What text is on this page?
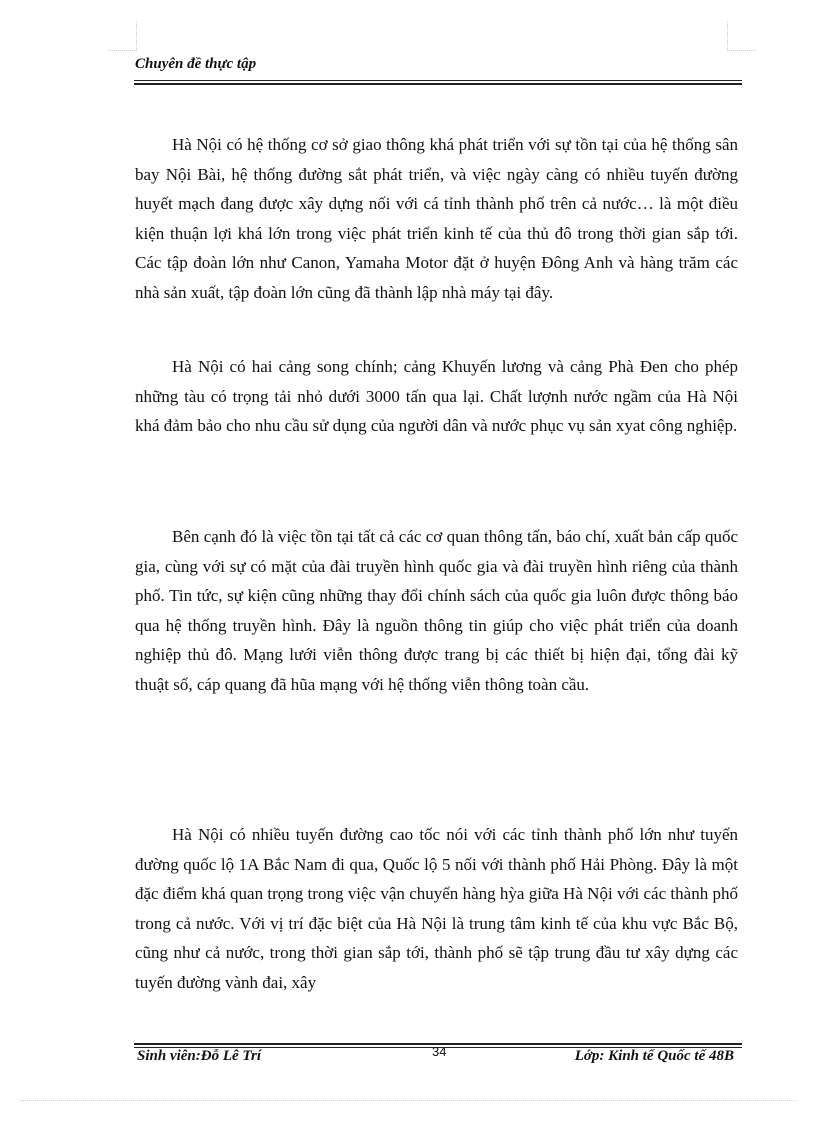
Chuyên đề thực tập

Hà Nội có hệ thống cơ sở giao thông khá phát triển với sự tồn tại của hệ thống sân bay Nội Bài, hệ thống đường sắt phát triển, và việc ngày càng có nhiều tuyến đường huyết mạch đang được xây dựng nối với cá tỉnh thành phố trên cả nước… là một điều kiện thuận lợi khá lớn trong việc phát triển kinh tế của thủ đô trong thời gian sắp tới. Các tập đoàn lớn như Canon, Yamaha Motor đặt ở huyện Đông Anh và hàng trăm các nhà sản xuất, tập đoàn lớn cũng đã thành lập nhà máy tại đây.

Hà Nội có hai cảng song chính; cảng Khuyến lương và cảng Phà Đen cho phép những tàu có trọng tải nhỏ dưới 3000 tấn qua lại. Chất lượnh nước ngầm của Hà Nội khá đảm bảo cho nhu cầu sử dụng của người dân và nước phục vụ sản xyat công nghiệp.

Bên cạnh đó là việc tồn tại tất cả các cơ quan thông tấn, báo chí, xuất bản cấp quốc gia, cùng với sự có mặt của đài truyền hình quốc gia và đài truyền hình riêng của thành phố. Tin tức, sự kiện cũng những thay đổi chính sách của quốc gia luôn được thông báo qua hệ thống truyền hình. Đây là nguồn thông tin giúp cho việc phát triển của doanh nghiệp thủ đô. Mạng lưới viễn thông được trang bị các thiết bị hiện đại, tổng đài kỹ thuật số, cáp quang đã hũa mạng với hệ thống viễn thông toàn cầu.

Hà Nội có nhiều tuyến đường cao tốc nói với các tỉnh thành phố lớn như tuyến đường quốc lộ 1A Bắc Nam đi qua, Quốc lộ 5 nối với thành phố Hải Phòng. Đây là một đặc điểm khá quan trọng trong việc vận chuyển hàng hỳa giữa Hà Nội với các thành phố trong cả nước. Với vị trí đặc biệt của Hà Nội là trung tâm kinh tế của khu vực Bắc Bộ, cũng như cả nước, trong thời gian sắp tới, thành phố sẽ tập trung đầu tư xây dựng các tuyến đường vành đai, xây

Sinh viên:Đỗ Lê Trí	34	Lớp: Kinh tế Quốc tế 48B
